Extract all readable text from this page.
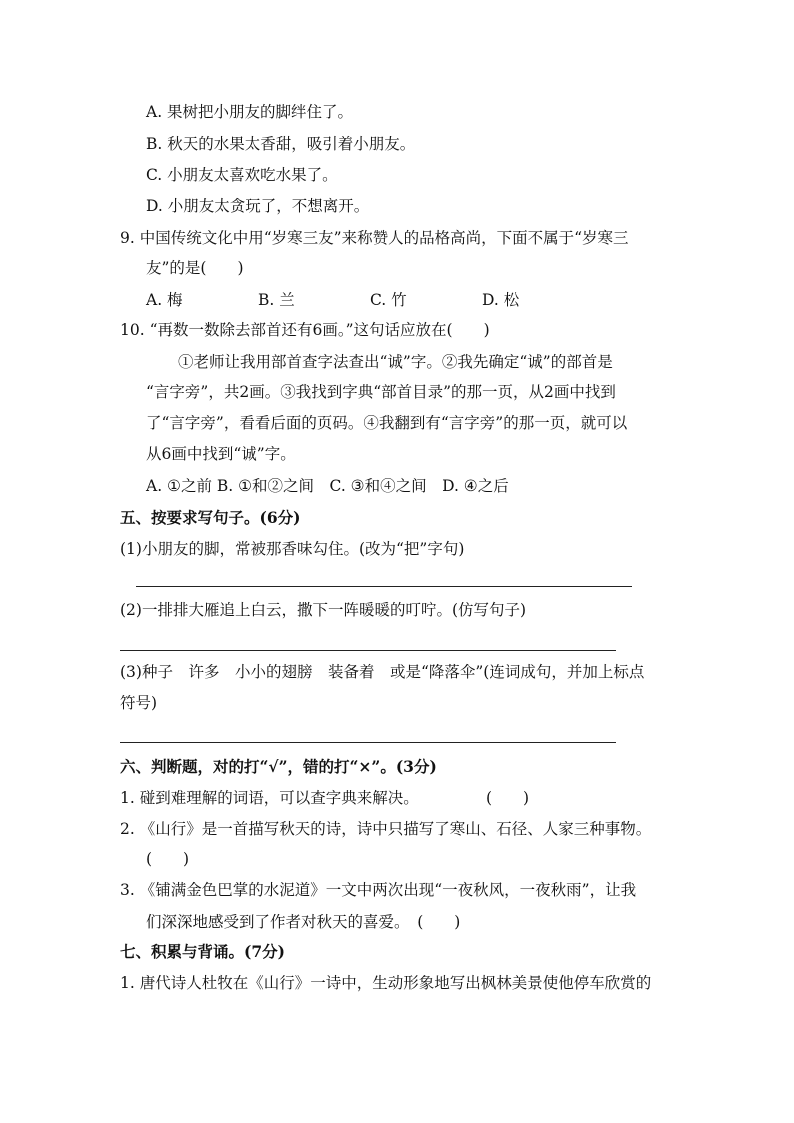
A. 果树把小朋友的脚绊住了。
B. 秋天的水果太香甜，吸引着小朋友。
C. 小朋友太喜欢吃水果了。
D. 小朋友太贪玩了，不想离开。
9. 中国传统文化中用“岁寒三友”来称赞人的品格高尚，下面不属于“岁寒三
友”的是(　　)
A. 梅	B. 兰	C. 竹	D. 松
10. “再数一数除去部首还有6画。”这句话应放在(　　)
①老师让我用部首查字法查出“诚”字。②我先确定“诚”的部首是
“言字旁”，共2画。③我找到字典“部首目录”的那一页，从2画中找到
了“言字旁”，看看后面的页码。④我翻到有“言字旁”的那一页，就可以
从6画中找到“诚”字。
A. ①之前 B. ①和②之间　C. ③和④之间　D. ④之后
五、按要求写句子。(6分)
(1)小朋友的脚，常被那香味勾住。(改为“把”字句)
(2)一排排大雁追上白云，撒下一阵暖暖的叮咛。(仿写句子)
(3)种子　许多　小小的翅膀　装备着　或是“降落伞”(连词成句，并加上标点
符号)
六、判断题，对的打“√”，错的打“×”。(3分)
1. 碰到难理解的词语，可以查字典来解决。	(　　)
2. 《山行》是一首描写秋天的诗，诗中只描写了寒山、石径、人家三种事物。
(　　)
3. 《铺满金色巴掌的水泥道》一文中两次出现“一夜秋风，一夜秋雨”，让我
们深深地感受到了作者对秋天的喜爱。　(　　)
七、积累与背诵。(7分)
1. 唐代诗人杜牧在《山行》一诗中，生动形象地写出枫林美景使他停车欣赏的
